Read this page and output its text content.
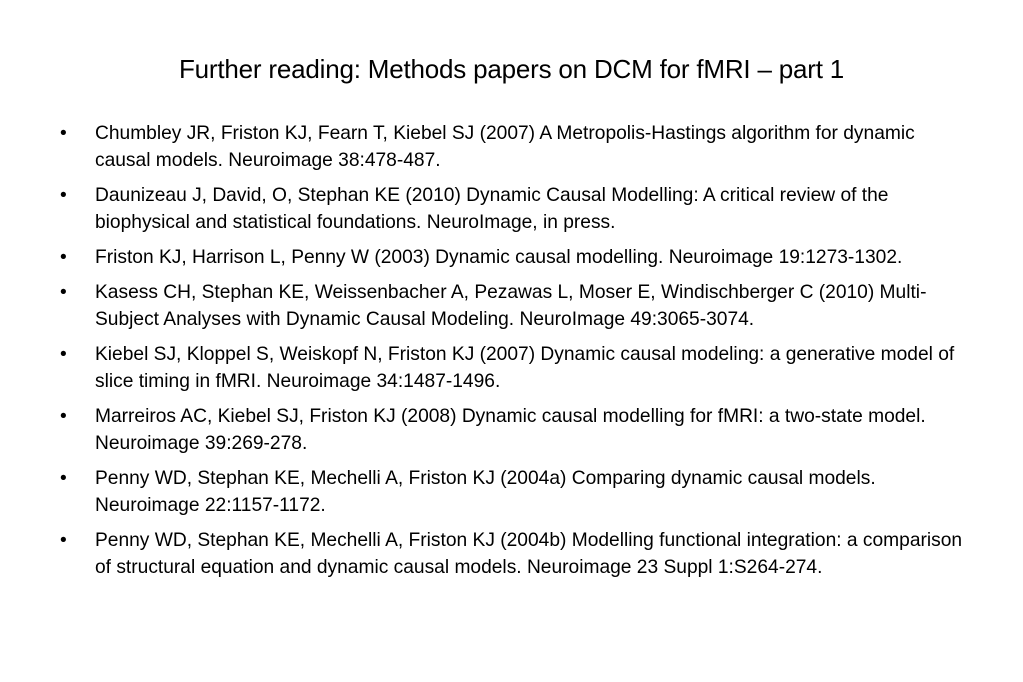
Further reading: Methods papers on DCM for fMRI – part 1
• Chumbley JR, Friston KJ, Fearn T, Kiebel SJ (2007) A Metropolis-Hastings algorithm for dynamic causal models. Neuroimage 38:478-487.
• Daunizeau J, David, O, Stephan KE (2010) Dynamic Causal Modelling: A critical review of the biophysical and statistical foundations. NeuroImage, in press.
• Friston KJ, Harrison L, Penny W (2003) Dynamic causal modelling. Neuroimage 19:1273-1302.
• Kasess CH, Stephan KE, Weissenbacher A, Pezawas L, Moser E, Windischberger C (2010) Multi-Subject Analyses with Dynamic Causal Modeling. NeuroImage 49:3065-3074.
• Kiebel SJ, Kloppel S, Weiskopf N, Friston KJ (2007) Dynamic causal modeling: a generative model of slice timing in fMRI. Neuroimage 34:1487-1496.
• Marreiros AC, Kiebel SJ, Friston KJ (2008) Dynamic causal modelling for fMRI: a two-state model. Neuroimage 39:269-278.
• Penny WD, Stephan KE, Mechelli A, Friston KJ (2004a) Comparing dynamic causal models. Neuroimage 22:1157-1172.
• Penny WD, Stephan KE, Mechelli A, Friston KJ (2004b) Modelling functional integration: a comparison of structural equation and dynamic causal models. Neuroimage 23 Suppl 1:S264-274.
